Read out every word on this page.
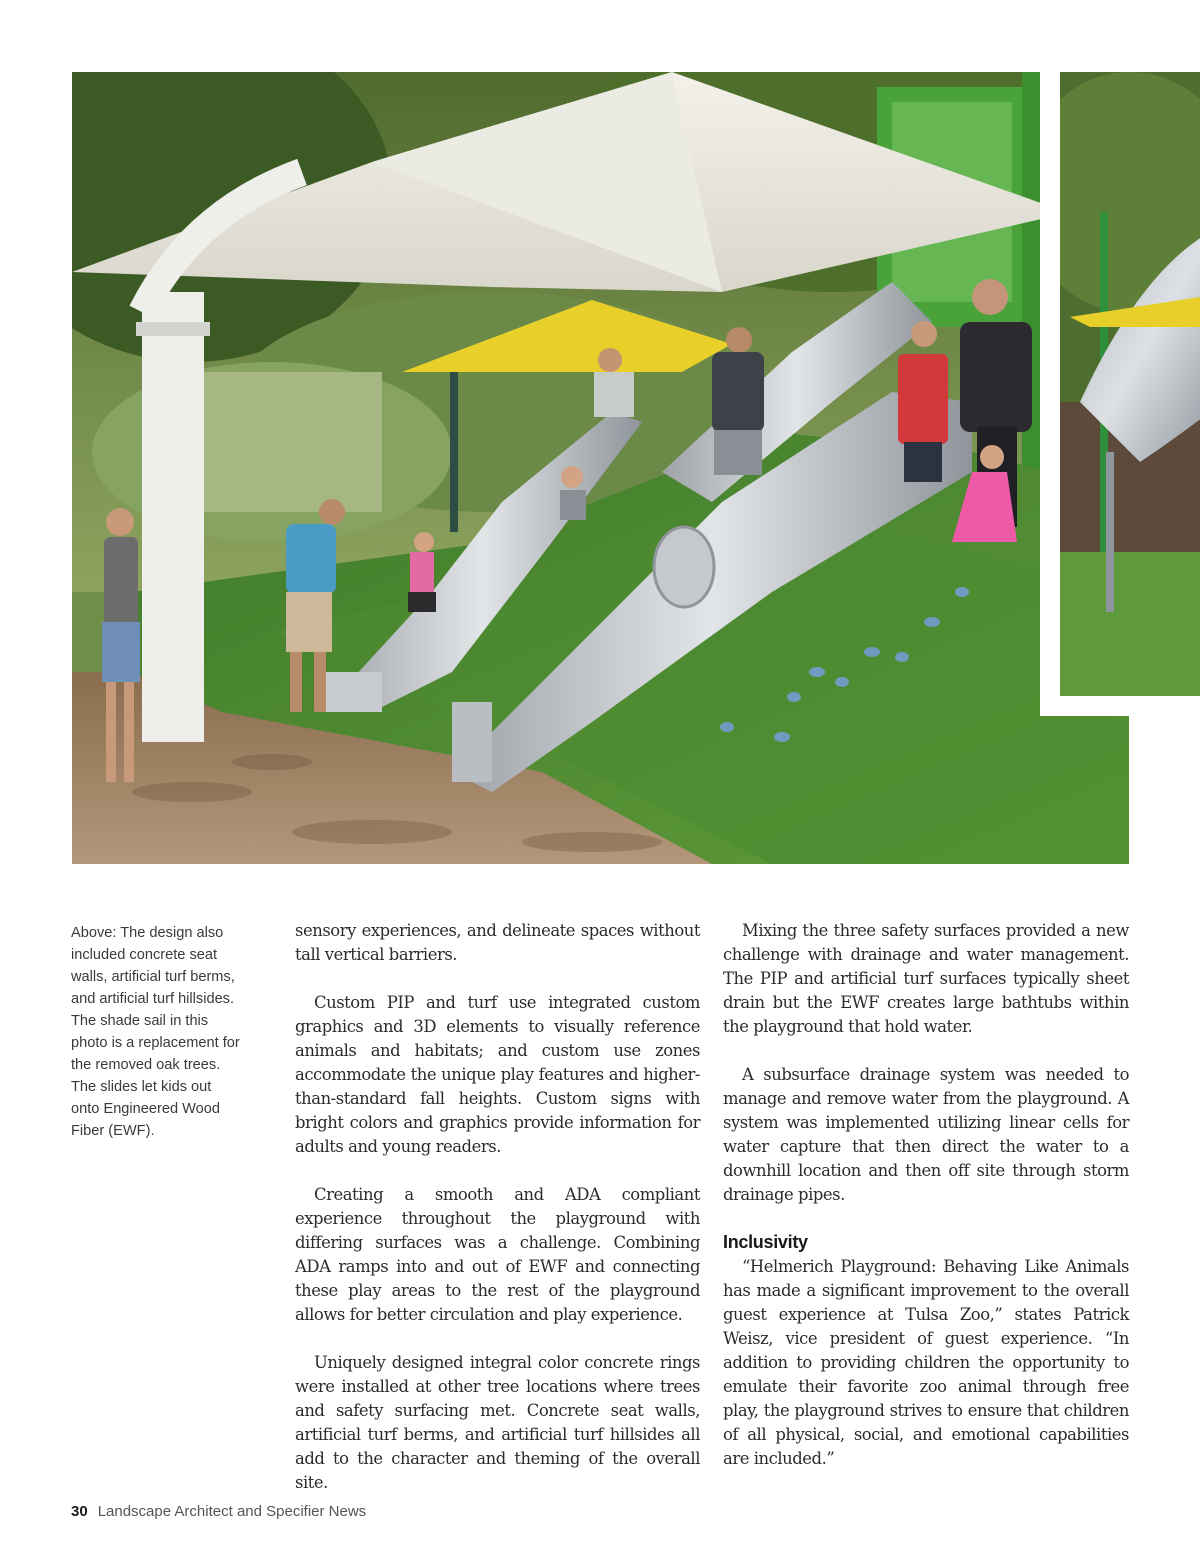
Above: The design also included concrete seat walls, artificial turf berms, and artificial turf hillsides. The shade sail in this photo is a replacement for the removed oak trees. The slides let kids out onto Engineered Wood Fiber (EWF).

sensory experiences, and delineate spaces without tall vertical barriers.

Custom PIP and turf use integrated custom graphics and 3D elements to visually reference animals and habitats; and custom use zones accommodate the unique play features and higher-than-standard fall heights. Custom signs with bright colors and graphics provide information for adults and young readers.

Creating a smooth and ADA compliant experience throughout the playground with differing surfaces was a challenge. Combining ADA ramps into and out of EWF and connecting these play areas to the rest of the playground allows for better circulation and play experience.

Uniquely designed integral color concrete rings were installed at other tree locations where trees and safety surfacing met. Concrete seat walls, artificial turf berms, and artificial turf hillsides all add to the character and theming of the overall site.

Mixing the three safety surfaces provided a new challenge with drainage and water management. The PIP and artificial turf surfaces typically sheet drain but the EWF creates large bathtubs within the playground that hold water.

A subsurface drainage system was needed to manage and remove water from the playground. A system was implemented utilizing linear cells for water capture that then direct the water to a downhill location and then off site through storm drainage pipes.

Inclusivity

“Helmerich Playground: Behaving Like Animals has made a significant improvement to the overall guest experience at Tulsa Zoo,” states Patrick Weisz, vice president of guest experience. “In addition to providing children the opportunity to emulate their favorite zoo animal through free play, the playground strives to ensure that children of all physical, social, and emotional capabilities are included.”

30 Landscape Architect and Specifier News
